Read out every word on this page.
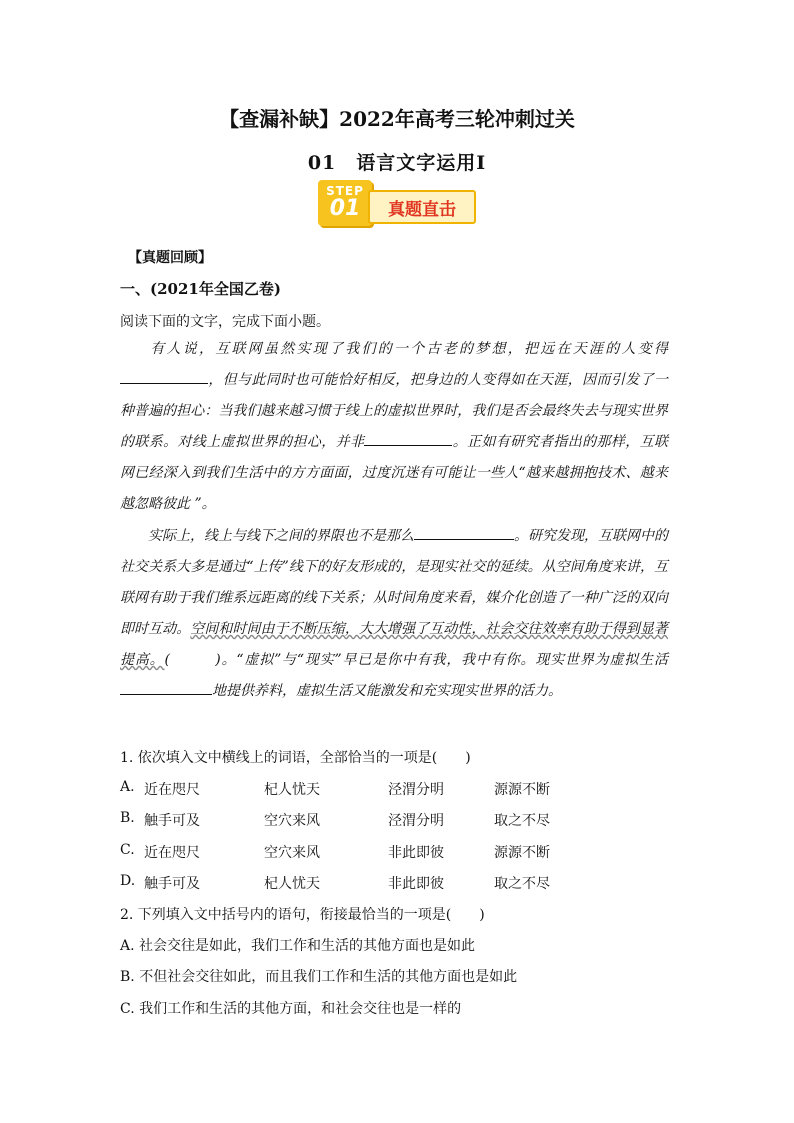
【查漏补缺】2022年高考三轮冲刺过关
01　语言文字运用Ⅰ
STEP
01	真题直击
【真题回顾】
一、(2021年全国乙卷)
阅读下面的文字，完成下面小题。
有人说，互联网虽然实现了我们的一个古老的梦想，把远在天涯的人变得，但与此同时也可能恰好相反，把身边的人变得如在天涯，因而引发了一种普遍的担心：当我们越来越习惯于线上的虚拟世界时，我们是否会最终失去与现实世界的联系。对线上虚拟世界的担心，并非	。正如有研究者指出的那样，互联网已经深入到我们生活中的方方面面，过度沉迷有可能让一些人“越来越拥抱技术、越来越忽略彼此 ”。
实际上，线上与线下之间的界限也不是那么	。研究发现，互联网中的社交关系大多是通过“上传”线下的好友形成的，是现实社交的延续。从空间角度来讲，互联网有助于我们维系远距离的线下关系；从时间角度来看，媒介化创造了一种广泛的双向即时互动。空间和时间由于不断压缩，大大增强了互动性，社会交往效率有助于得到显著提高。(　　　)。“虚拟”与“现实”早已是你中有我，我中有你。现实世界为虚拟生活地提供养料，虚拟生活又能激发和充实现实世界的活力。
1. 依次填入文中横线上的词语，全部恰当的一项是(　　)
A. 近在咫尺	杞人忧天	泾渭分明	源源不断
B. 触手可及	空穴来风	泾渭分明	取之不尽
C. 近在咫尺	空穴来风	非此即彼	源源不断
D. 触手可及	杞人忧天	非此即彼	取之不尽
2. 下列填入文中括号内的语句，衔接最恰当的一项是(　　)
A. 社会交往是如此，我们工作和生活的其他方面也是如此
B. 不但社会交往如此，而且我们工作和生活的其他方面也是如此
C. 我们工作和生活的其他方面，和社会交往也是一样的
